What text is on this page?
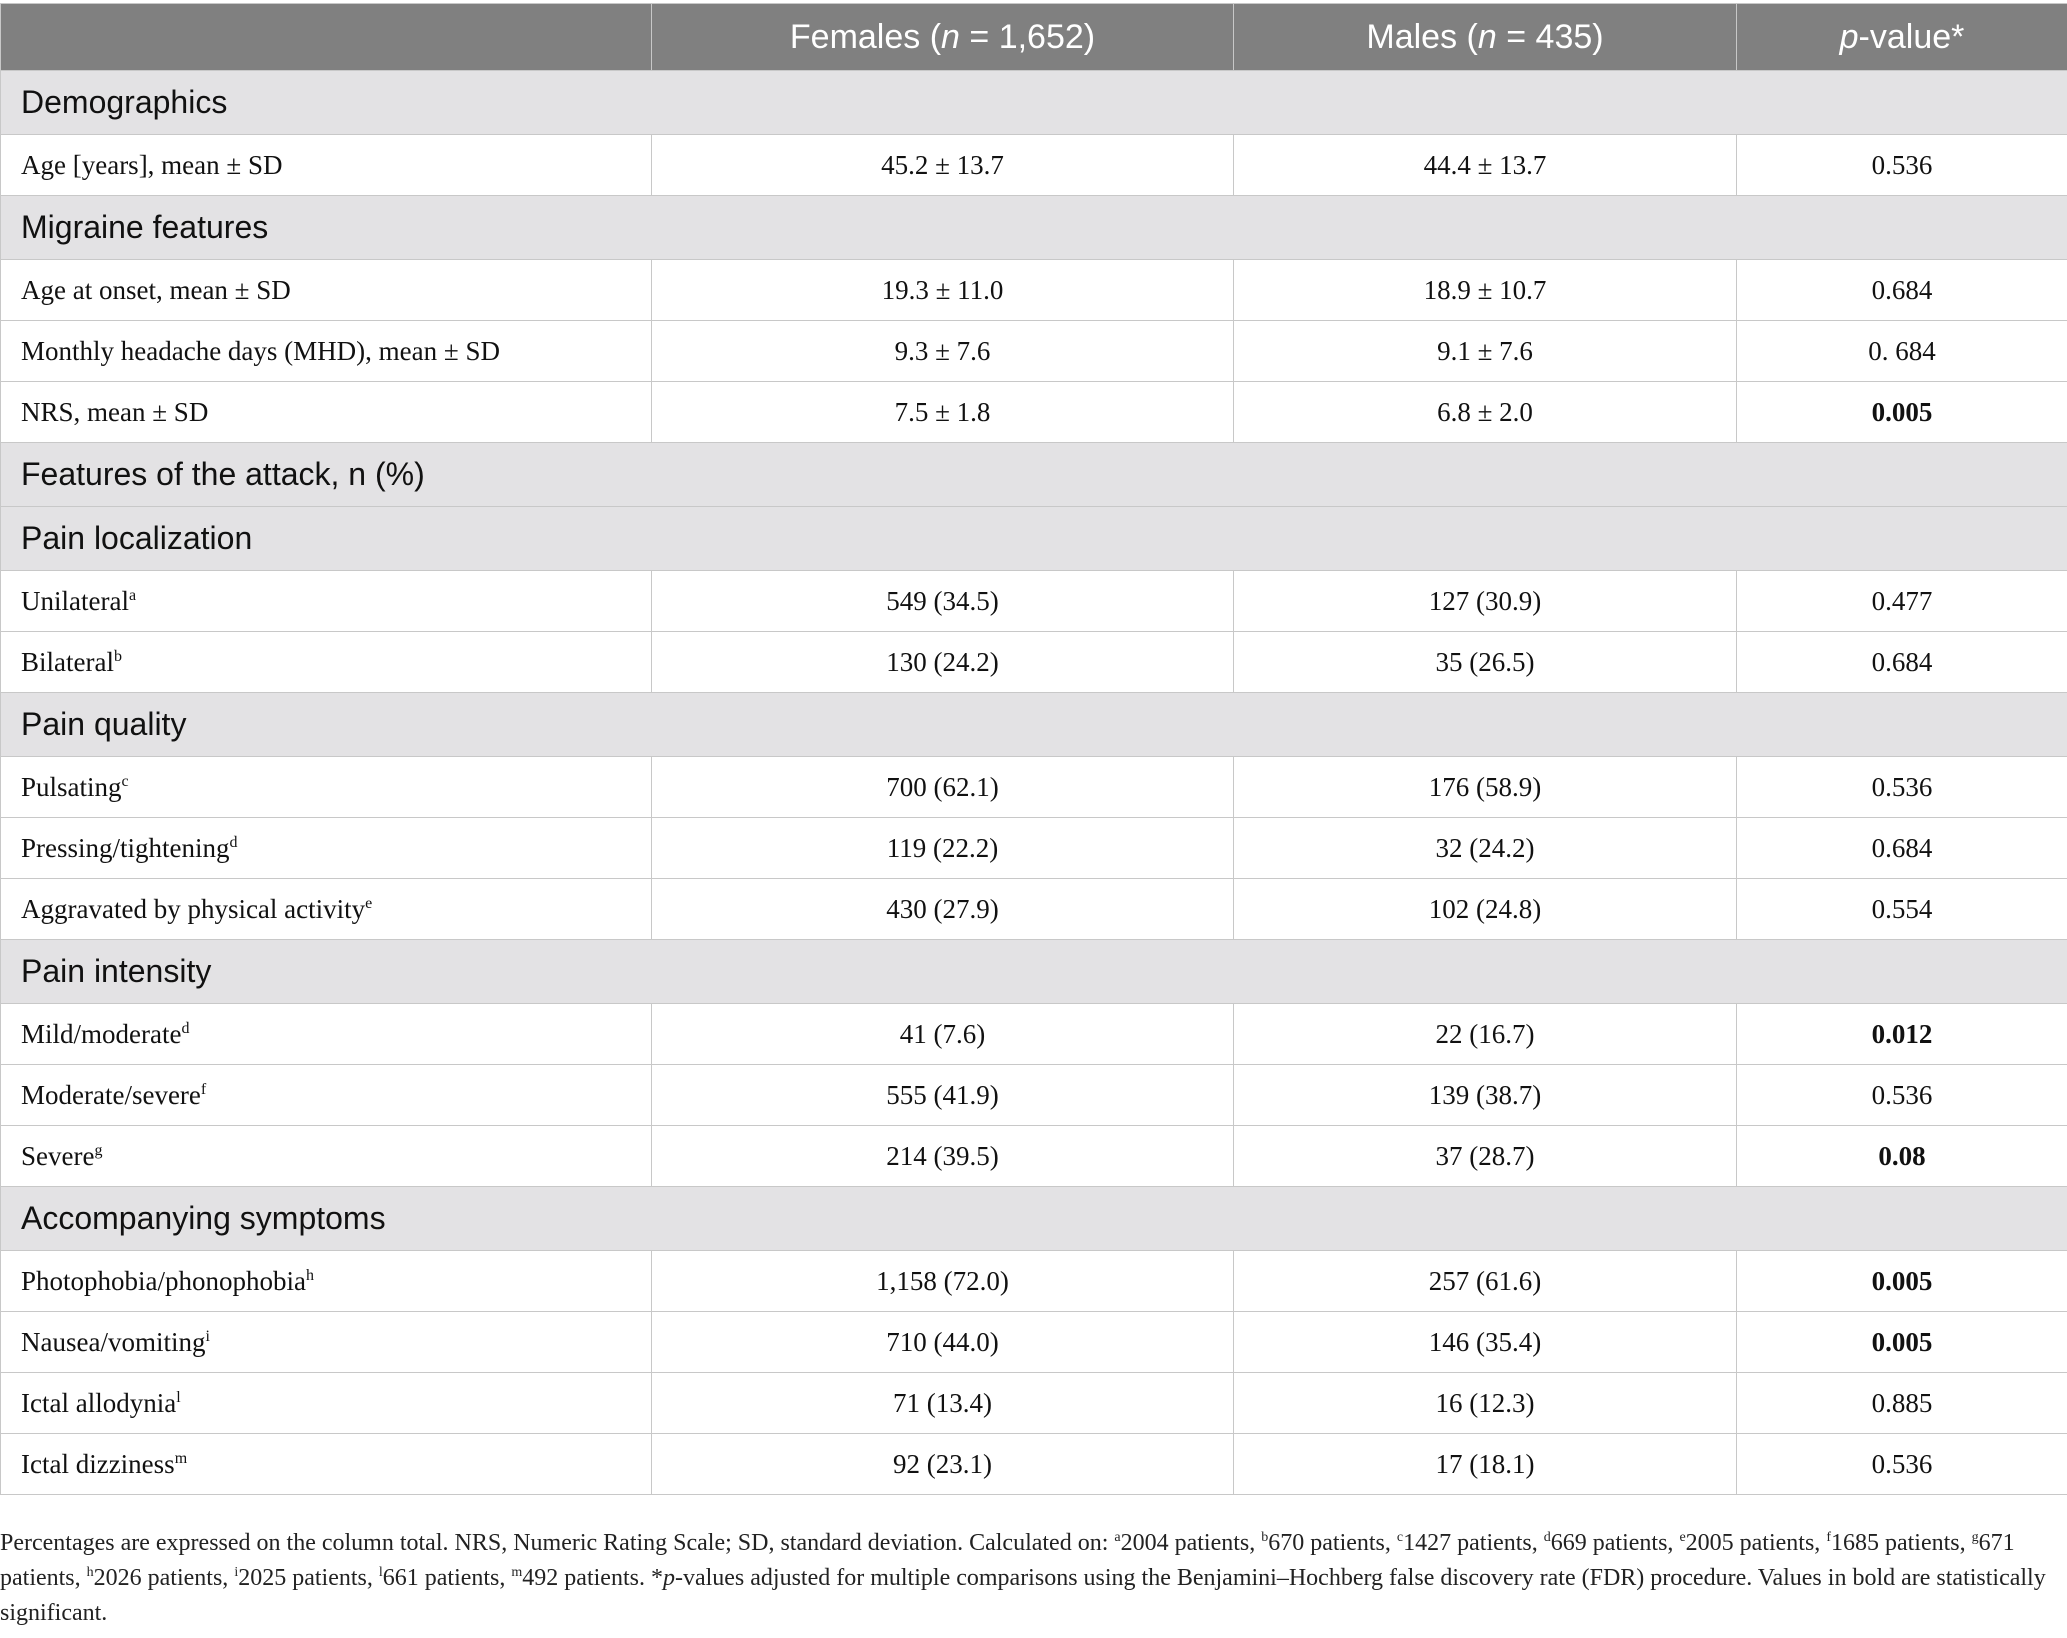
	Females (n = 1,652)	Males (n = 435)	p-value*
Demographics			
Age [years], mean ± SD	45.2 ± 13.7	44.4 ± 13.7	0.536
Migraine features			
Age at onset, mean ± SD	19.3 ± 11.0	18.9 ± 10.7	0.684
Monthly headache days (MHD), mean ± SD	9.3 ± 7.6	9.1 ± 7.6	0. 684
NRS, mean ± SD	7.5 ± 1.8	6.8 ± 2.0	0.005
Features of the attack, n (%)			
Pain localization			
Unilateral$^a$	549 (34.5)	127 (30.9)	0.477
Bilateral$^b$	130 (24.2)	35 (26.5)	0.684
Pain quality			
Pulsating$^c$	700 (62.1)	176 (58.9)	0.536
Pressing/tightening$^d$	119 (22.2)	32 (24.2)	0.684
Aggravated by physical activity$^e$	430 (27.9)	102 (24.8)	0.554
Pain intensity			
Mild/moderate$^d$	41 (7.6)	22 (16.7)	0.012
Moderate/severe$^f$	555 (41.9)	139 (38.7)	0.536
Severe$^g$	214 (39.5)	37 (28.7)	0.08
Accompanying symptoms			
Photophobia/phonophobia$^h$	1,158 (72.0)	257 (61.6)	0.005
Nausea/vomiting$^i$	710 (44.0)	146 (35.4)	0.005
Ictal allodynia$^l$	71 (13.4)	16 (12.3)	0.885
Ictal dizziness$^m$	92 (23.1)	17 (18.1)	0.536
Percentages are expressed on the column total. NRS, Numeric Rating Scale; SD, standard deviation. Calculated on: $^a$2004 patients, $^b$670 patients, $^c$1427 patients, $^d$669 patients, $^e$2005 patients, $^f$1685 patients, $^g$671 patients, $^h$2026 patients, $^i$2025 patients, $^l$661 patients, $^m$492 patients. *p-values adjusted for multiple comparisons using the Benjamini–Hochberg false discovery rate (FDR) procedure. Values in bold are statistically significant.
